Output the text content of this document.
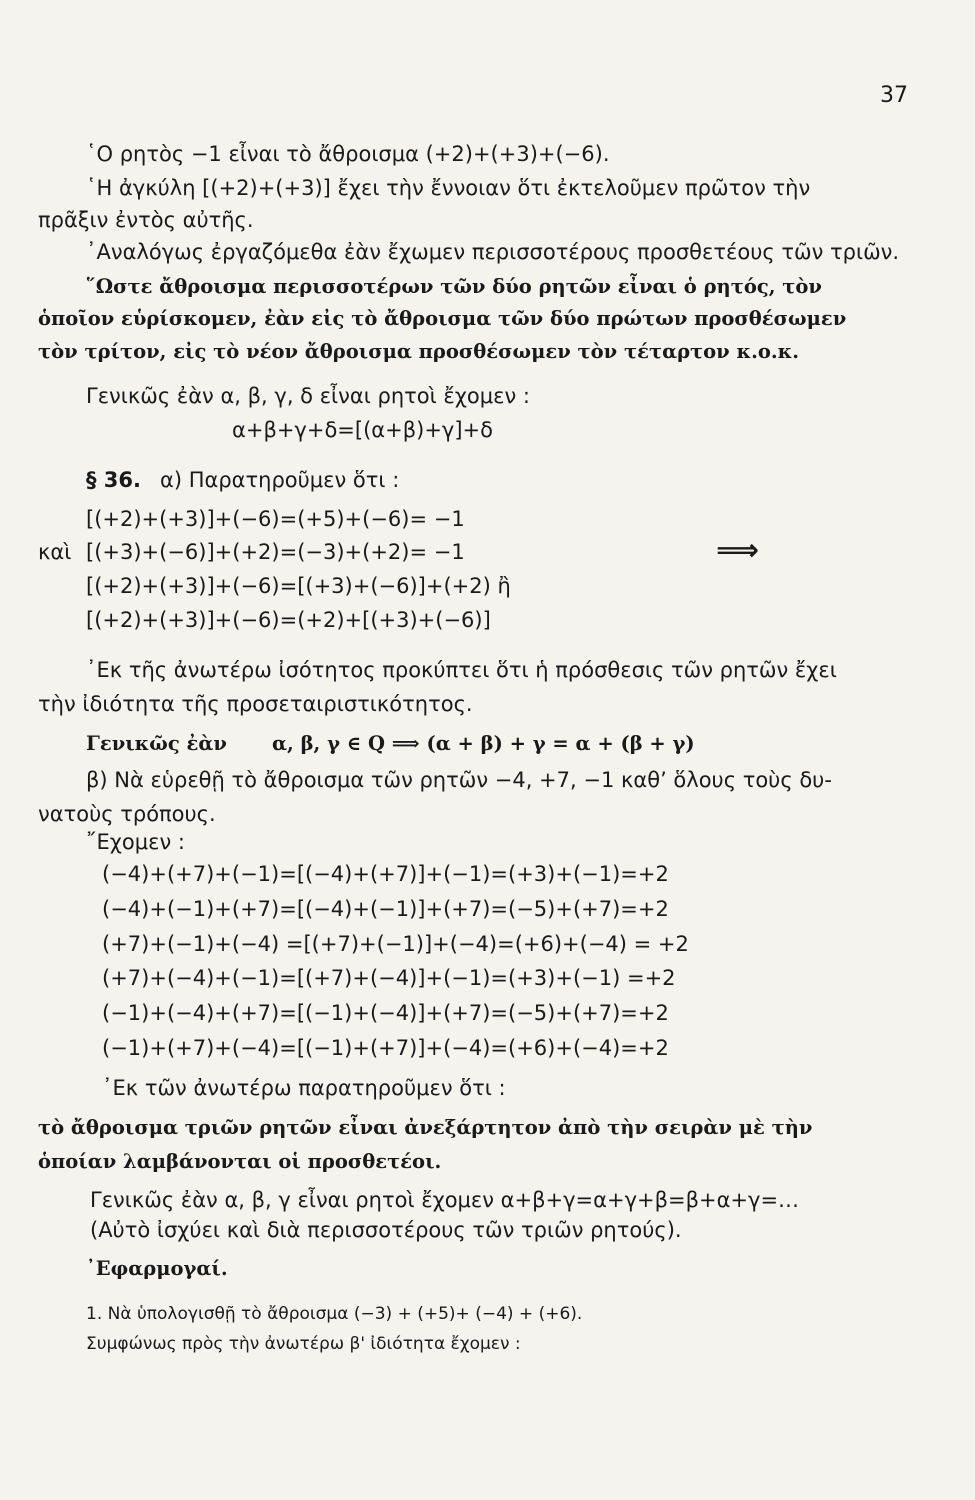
37
῾Ο ρητὸς −1 εἶναι τὸ ἄθροισμα (+2)+(+3)+(−6).
῾Η ἀγκύλη [(+2)+(+3)] ἔχει τὴν ἔννοιαν ὅτι ἐκτελοῦμεν πρῶτον τὴν
πρᾶξιν ἐντὸς αὐτῆς.
᾿Αναλόγως ἐργαζόμεθα ἐὰν ἔχωμεν περισσοτέρους προσθετέους τῶν τριῶν.
῞Ωστε ἄθροισμα περισσοτέρων τῶν δύο ρητῶν εἶναι ὁ ρητός, τὸν
ὁποῖον εὑρίσκομεν, ἐὰν εἰς τὸ ἄθροισμα τῶν δύο πρώτων προσθέσωμεν
τὸν τρίτον, εἰς τὸ νέον ἄθροισμα προσθέσωμεν τὸν τέταρτον κ.ο.κ.
Γενικῶς ἐὰν α, β, γ, δ εἶναι ρητοὶ ἔχομεν :
α+β+γ+δ=[(α+β)+γ]+δ
§ 36. α) Παρατηροῦμεν ὅτι :
[(+2)+(+3)]+(−6)=(+5)+(−6)= −1
καὶ [(+3)+(−6)]+(+2)=(−3)+(+2)= −1	⟹
[(+2)+(+3)]+(−6)=[(+3)+(−6)]+(+2) ἢ
[(+2)+(+3)]+(−6)=(+2)+[(+3)+(−6)]
᾿Εκ τῆς ἀνωτέρω ἰσότητος προκύπτει ὅτι ἡ πρόσθεσις τῶν ρητῶν ἔχει
τὴν ἰδιότητα τῆς προσεταιριστικότητος.
Γενικῶς ἐὰν α, β, γ ∈ Q ⟹ (α + β) + γ = α + (β + γ)
β) Νὰ εὑρεθῇ τὸ ἄθροισμα τῶν ρητῶν −4, +7, −1 καθ’ ὅλους τοὺς δυ-
νατοὺς τρόπους.
῎Εχομεν :
(−4)+(+7)+(−1)=[(−4)+(+7)]+(−1)=(+3)+(−1)=+2
(−4)+(−1)+(+7)=[(−4)+(−1)]+(+7)=(−5)+(+7)=+2
(+7)+(−1)+(−4) =[(+7)+(−1)]+(−4)=(+6)+(−4) = +2
(+7)+(−4)+(−1)=[(+7)+(−4)]+(−1)=(+3)+(−1) =+2
(−1)+(−4)+(+7)=[(−1)+(−4)]+(+7)=(−5)+(+7)=+2
(−1)+(+7)+(−4)=[(−1)+(+7)]+(−4)=(+6)+(−4)=+2
᾿Εκ τῶν ἀνωτέρω παρατηροῦμεν ὅτι :
τὸ ἄθροισμα τριῶν ρητῶν εἶναι ἀνεξάρτητον ἀπὸ τὴν σειρὰν μὲ τὴν
ὁποίαν λαμβάνονται οἱ προσθετέοι.
Γενικῶς ἐὰν α, β, γ εἶναι ρητοὶ ἔχομεν α+β+γ=α+γ+β=β+α+γ=…
(Αὐτὸ ἰσχύει καὶ διὰ περισσοτέρους τῶν τριῶν ρητούς).
᾿Εφαρμογαί.
1. Νὰ ὑπολογισθῇ τὸ ἄθροισμα (−3) + (+5)+ (−4) + (+6).
Συμφώνως πρὸς τὴν ἀνωτέρω β' ἰδιότητα ἔχομεν :
